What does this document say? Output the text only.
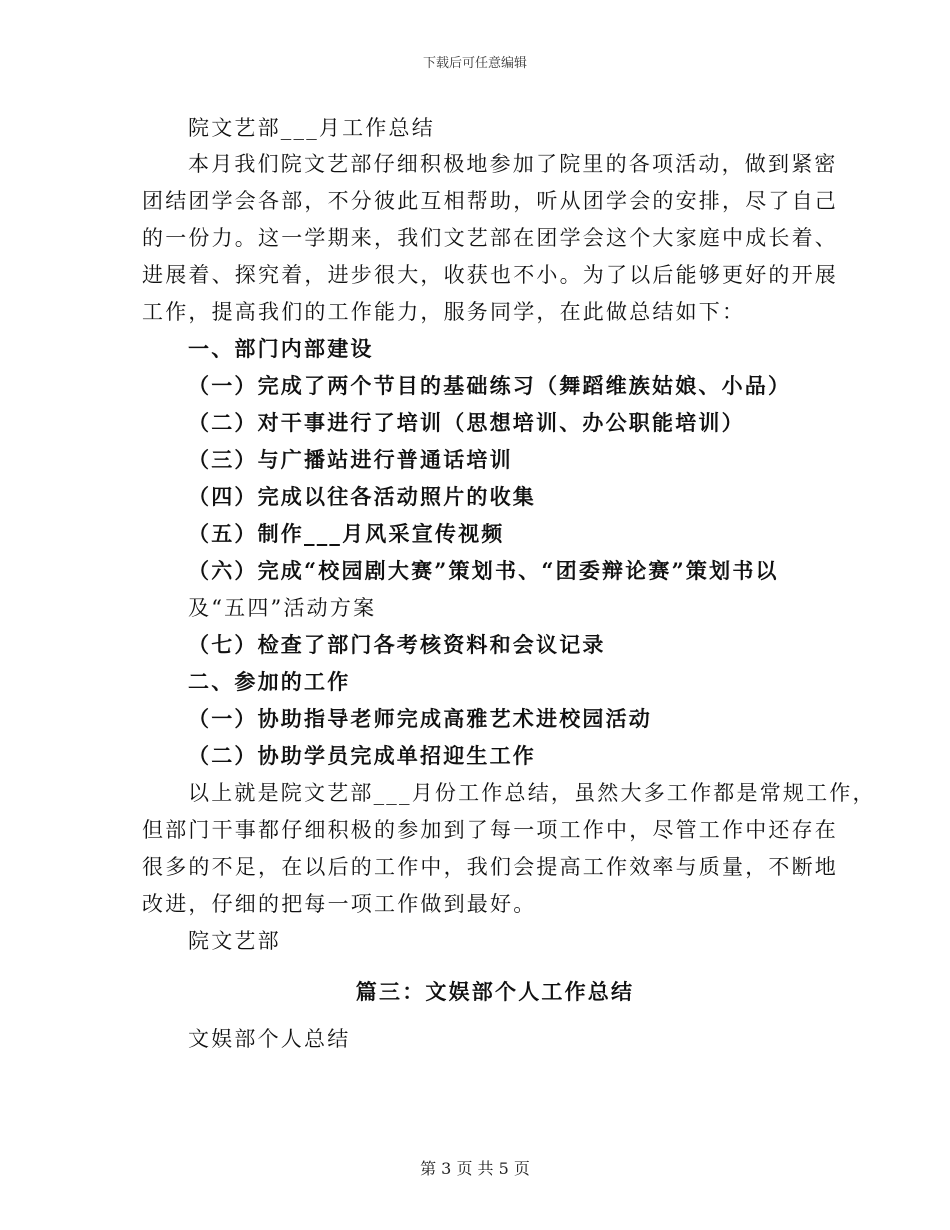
下载后可任意编辑
院文艺部___月工作总结
本月我们院文艺部仔细积极地参加了院里的各项活动，做到紧密
团结团学会各部，不分彼此互相帮助，听从团学会的安排，尽了自己
的一份力。这一学期来，我们文艺部在团学会这个大家庭中成长着、
进展着、探究着，进步很大，收获也不小。为了以后能够更好的开展
工作，提高我们的工作能力，服务同学，在此做总结如下：
一、部门内部建设
（一）完成了两个节目的基础练习（舞蹈维族姑娘、小品）
（二）对干事进行了培训（思想培训、办公职能培训）
（三）与广播站进行普通话培训
（四）完成以往各活动照片的收集
（五）制作___月风采宣传视频
（六）完成“校园剧大赛”策划书、“团委辩论赛”策划书以
及“五四”活动方案
（七）检查了部门各考核资料和会议记录
二、参加的工作
（一）协助指导老师完成高雅艺术进校园活动
（二）协助学员完成单招迎生工作
以上就是院文艺部___月份工作总结，虽然大多工作都是常规工作，
但部门干事都仔细积极的参加到了每一项工作中，尽管工作中还存在
很多的不足，在以后的工作中，我们会提高工作效率与质量，不断地
改进，仔细的把每一项工作做到最好。
院文艺部
篇三：文娱部个人工作总结
文娱部个人总结
第 3 页 共 5 页
